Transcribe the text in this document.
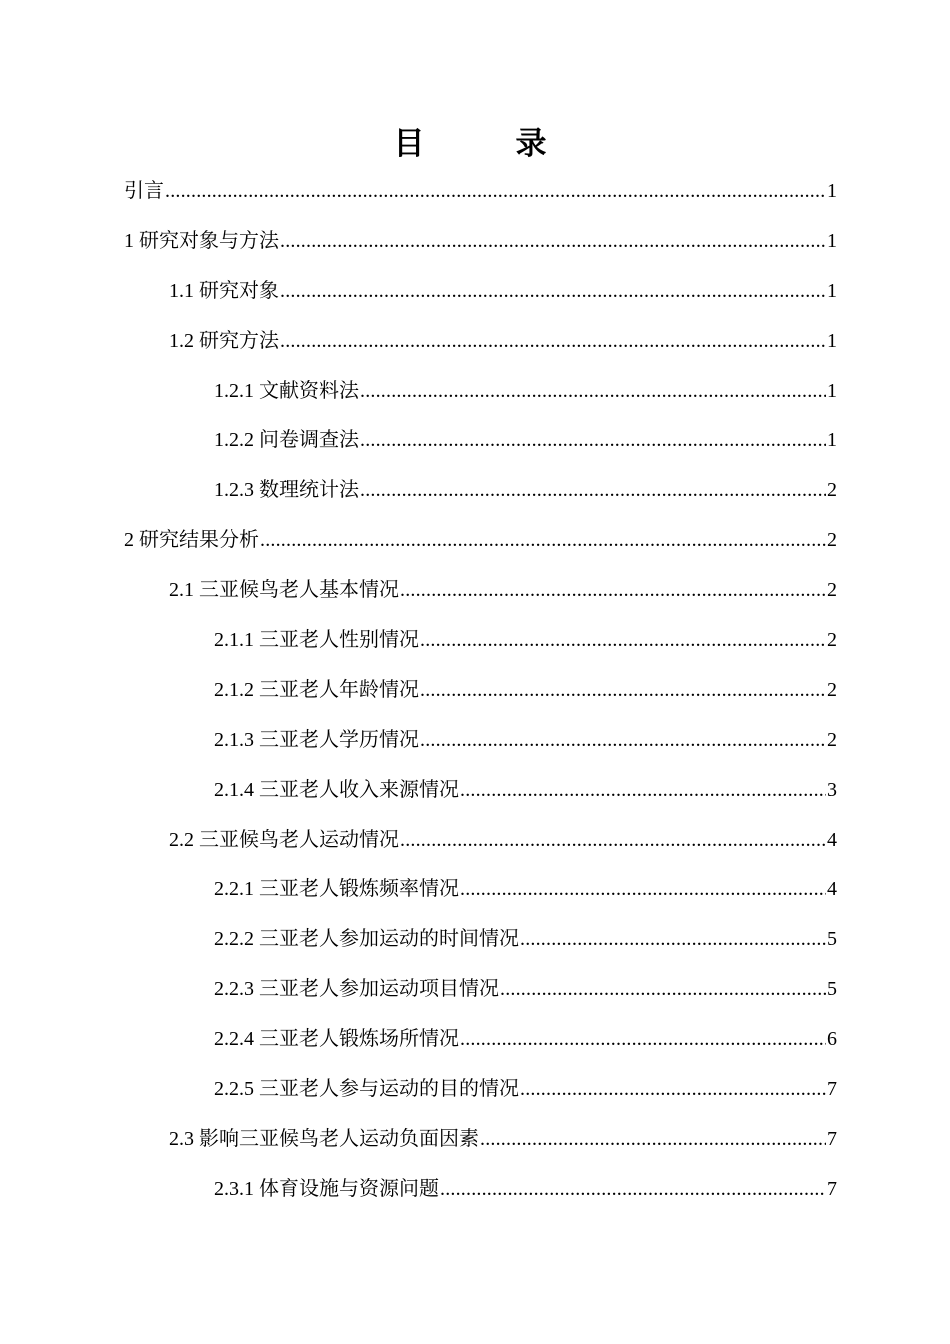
目　录
引言 .....	1
1 研究对象与方法 .....	1
1.1 研究对象 .....	1
1.2 研究方法 .....	1
1.2.1 文献资料法 .....	1
1.2.2 问卷调查法 .....	1
1.2.3 数理统计法 .....	2
2 研究结果分析 .....	2
2.1 三亚候鸟老人基本情况 .....	2
2.1.1 三亚老人性别情况 .....	2
2.1.2 三亚老人年龄情况 .....	2
2.1.3 三亚老人学历情况 .....	2
2.1.4 三亚老人收入来源情况 .....	3
2.2 三亚候鸟老人运动情况 .....	4
2.2.1 三亚老人锻炼频率情况 .....	4
2.2.2 三亚老人参加运动的时间情况 .....	5
2.2.3 三亚老人参加运动项目情况 .....	5
2.2.4 三亚老人锻炼场所情况 .....	6
2.2.5 三亚老人参与运动的目的情况 .....	7
2.3 影响三亚候鸟老人运动负面因素 .....	7
2.3.1 体育设施与资源问题 .....	7
